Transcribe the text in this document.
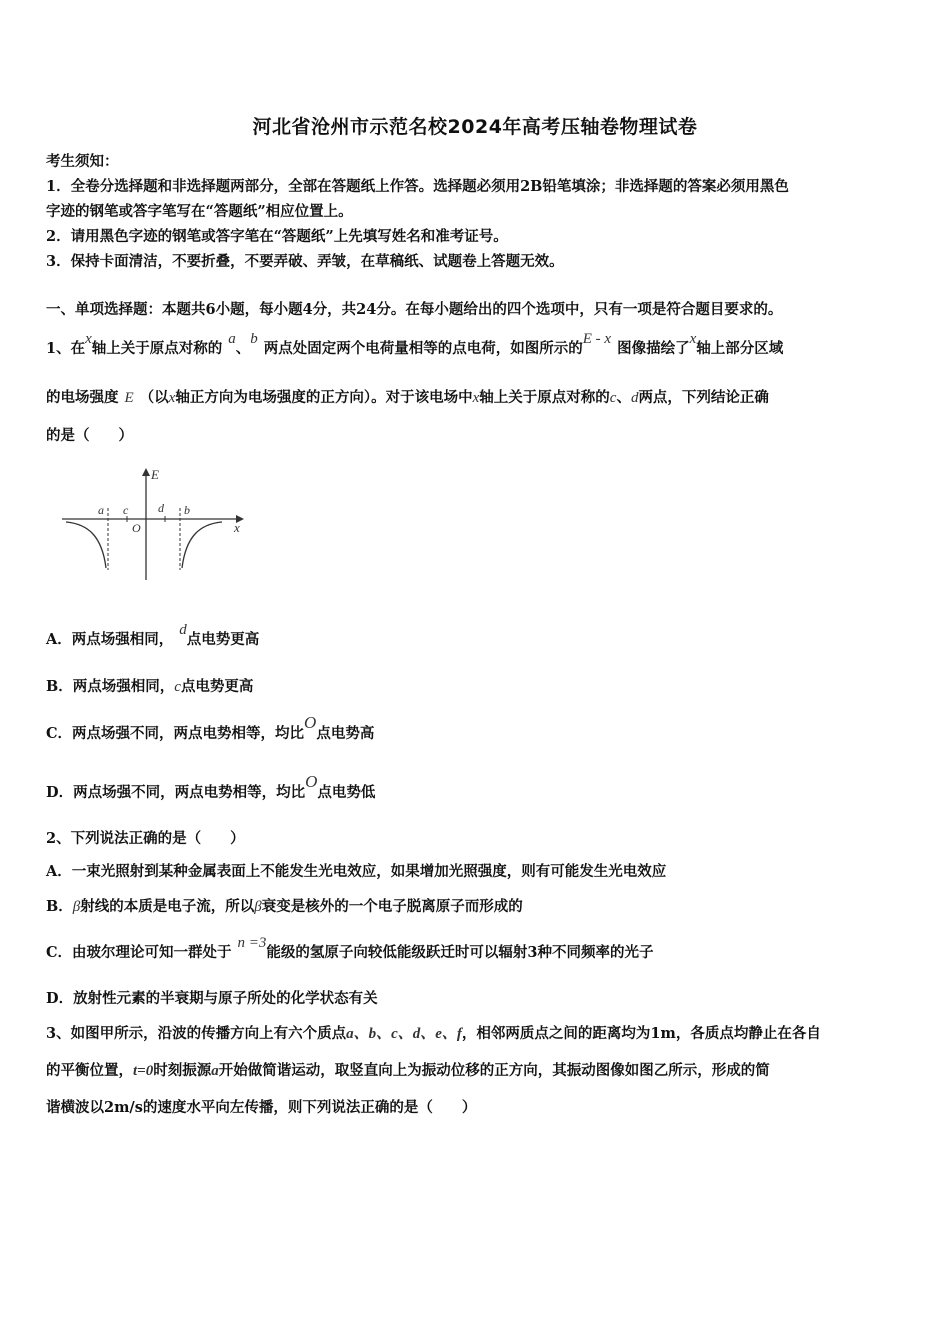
河北省沧州市示范名校2024年高考压轴卷物理试卷
考生须知：
1．全卷分选择题和非选择题两部分，全部在答题纸上作答。选择题必须用2B铅笔填涂；非选择题的答案必须用黑色
字迹的钢笔或答字笔写在“答题纸”相应位置上。
2．请用黑色字迹的钢笔或答字笔在“答题纸”上先填写姓名和准考证号。
3．保持卡面清洁，不要折叠，不要弄破、弄皱，在草稿纸、试题卷上答题无效。
一、单项选择题：本题共6小题，每小题4分，共24分。在每小题给出的四个选项中，只有一项是符合题目要求的。
1、在x轴上关于原点对称的a、b两点处固定两个电荷量相等的点电荷，如图所示的E - x图像描绘了x轴上部分区域
的电场强度 E （以x轴正方向为电场强度的正方向）。对于该电场中x轴上关于原点对称的c、d两点，下列结论正确
的是（　　）
E
x
O
a c d b
A．两点场强相同，d点电势更高
B．两点场强相同，c点电势更高
C．两点场强不同，两点电势相等，均比O点电势高
D．两点场强不同，两点电势相等，均比O点电势低
2、下列说法正确的是（　　）
A．一束光照射到某种金属表面上不能发生光电效应，如果增加光照强度，则有可能发生光电效应
B．β射线的本质是电子流，所以β衰变是核外的一个电子脱离原子而形成的
C．由玻尔理论可知一群处于n =3能级的氢原子向较低能级跃迁时可以辐射3种不同频率的光子
D．放射性元素的半衰期与原子所处的化学状态有关
3、如图甲所示，沿波的传播方向上有六个质点a、b、c、d、e、f，相邻两质点之间的距离均为1m，各质点均静止在各自
的平衡位置，t=0时刻振源a开始做简谐运动，取竖直向上为振动位移的正方向，其振动图像如图乙所示，形成的简
谐横波以2m/s的速度水平向左传播，则下列说法正确的是（　　）
